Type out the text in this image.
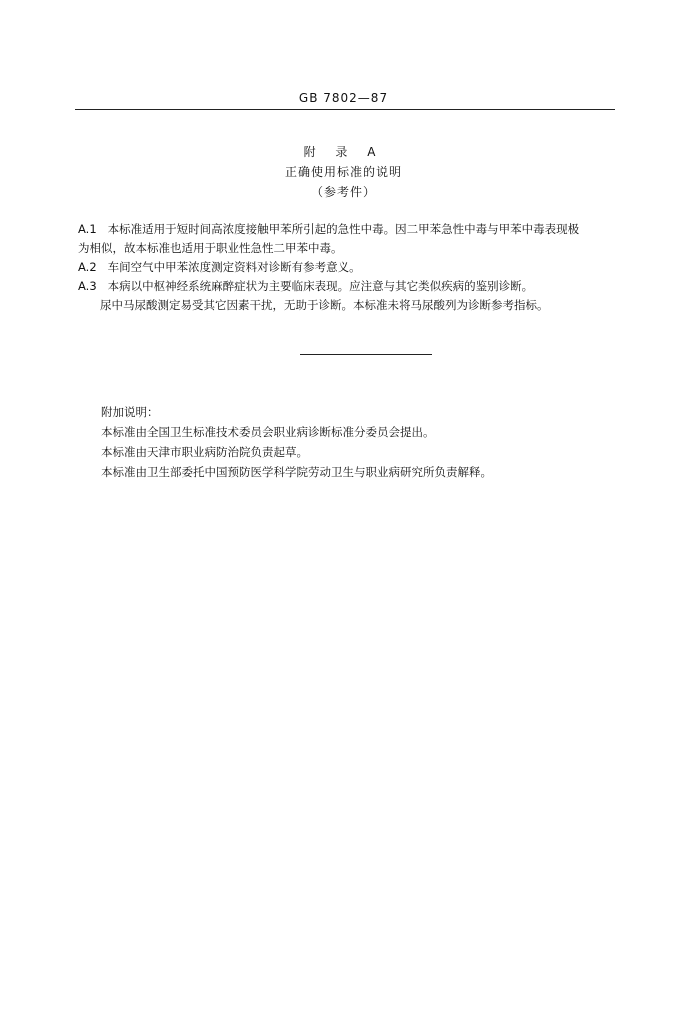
GB 7802—87
附 录 A
正确使用标准的说明
（参考件）

A.1 本标准适用于短时间高浓度接触甲苯所引起的急性中毒。因二甲苯急性中毒与甲苯中毒表现极

为相似，故本标准也适用于职业性急性二甲苯中毒。

A.2 车间空气中甲苯浓度测定资料对诊断有参考意义。

A.3 本病以中枢神经系统麻醉症状为主要临床表现。应注意与其它类似疾病的鉴别诊断。

尿中马尿酸测定易受其它因素干扰，无助于诊断。本标准未将马尿酸列为诊断参考指标。

附加说明：

本标准由全国卫生标准技术委员会职业病诊断标准分委员会提出。

本标准由天津市职业病防治院负责起草。

本标准由卫生部委托中国预防医学科学院劳动卫生与职业病研究所负责解释。
